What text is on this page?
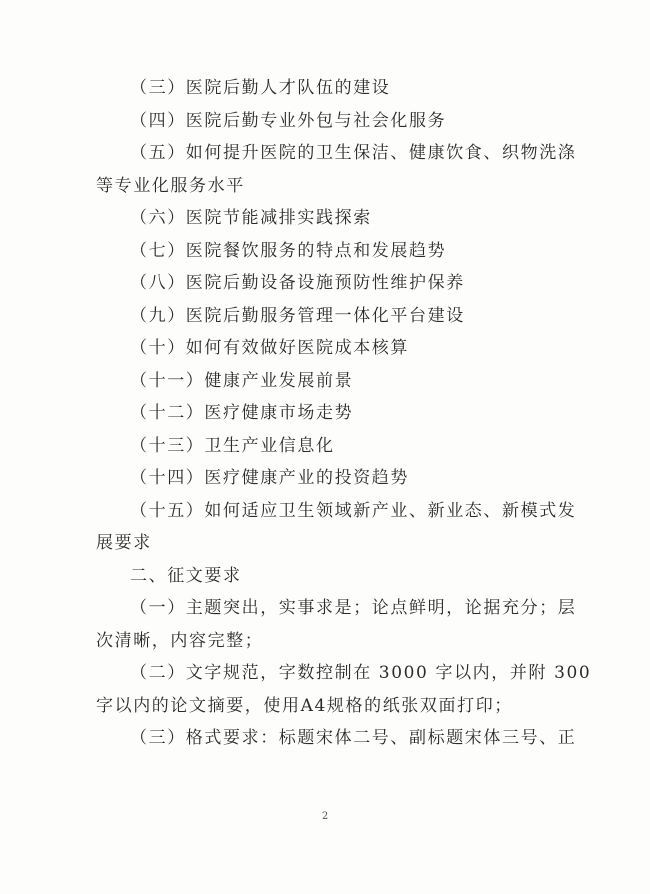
（三）医院后勤人才队伍的建设

（四）医院后勤专业外包与社会化服务

（五）如何提升医院的卫生保洁、健康饮食、织物洗涤

等专业化服务水平

（六）医院节能减排实践探索

（七）医院餐饮服务的特点和发展趋势

（八）医院后勤设备设施预防性维护保养

（九）医院后勤服务管理一体化平台建设

（十）如何有效做好医院成本核算

（十一）健康产业发展前景

（十二）医疗健康市场走势

（十三）卫生产业信息化

（十四）医疗健康产业的投资趋势

（十五）如何适应卫生领域新产业、新业态、新模式发

展要求

二、征文要求

（一）主题突出，实事求是；论点鲜明，论据充分；层

次清晰，内容完整；

（二）文字规范，字数控制在 3000 字以内，并附 300

字以内的论文摘要，使用A4规格的纸张双面打印；

（三）格式要求：标题宋体二号、副标题宋体三号、正

2
